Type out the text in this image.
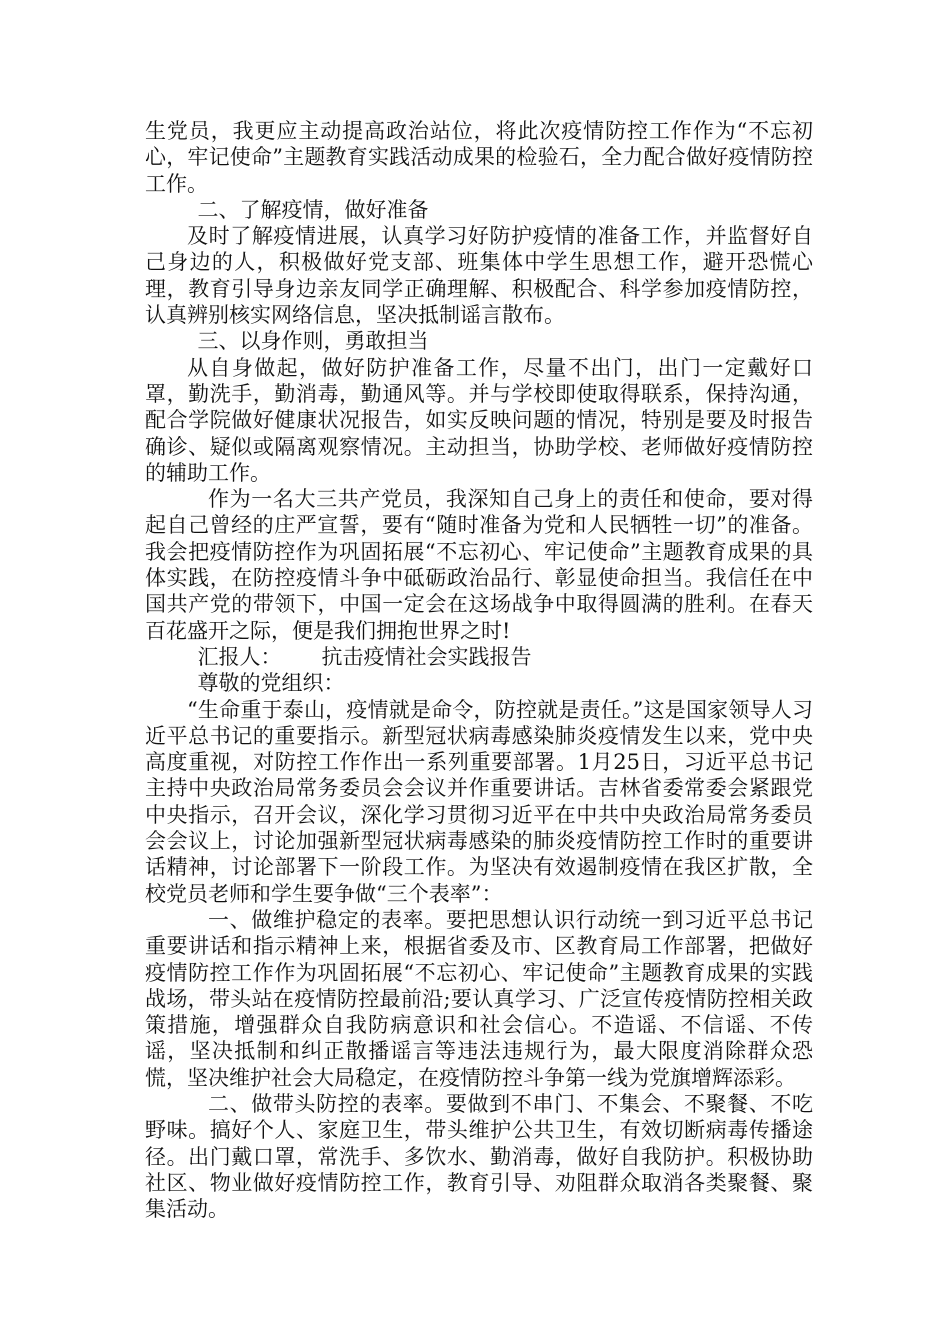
生党员，我更应主动提高政治站位，将此次疫情防控工作作为“不忘初心，牢记使命”主题教育实践活动成果的检验石，全力配合做好疫情防控工作。

二、了解疫情，做好准备

及时了解疫情进展，认真学习好防护疫情的准备工作，并监督好自己身边的人，积极做好党支部、班集体中学生思想工作，避开恐慌心理，教育引导身边亲友同学正确理解、积极配合、科学参加疫情防控，认真辨别核实网络信息，坚决抵制谣言散布。

三、以身作则，勇敢担当

从自身做起，做好防护准备工作，尽量不出门，出门一定戴好口罩，勤洗手，勤消毒，勤通风等。并与学校即使取得联系，保持沟通，配合学院做好健康状况报告，如实反映问题的情况，特别是要及时报告确诊、疑似或隔离观察情况。主动担当，协助学校、老师做好疫情防控的辅助工作。

作为一名大三共产党员，我深知自己身上的责任和使命，要对得起自己曾经的庄严宣誓，要有“随时准备为党和人民牺牲一切”的准备。我会把疫情防控作为巩固拓展“不忘初心、牢记使命”主题教育成果的具体实践，在防控疫情斗争中砥砺政治品行、彰显使命担当。我信任在中国共产党的带领下，中国一定会在这场战争中取得圆满的胜利。在春天百花盛开之际，便是我们拥抱世界之时!

汇报人：      抗击疫情社会实践报告

尊敬的党组织：

“生命重于泰山，疫情就是命令，防控就是责任。”这是国家领导人习近平总书记的重要指示。新型冠状病毒感染肺炎疫情发生以来，党中央高度重视，对防控工作作出一系列重要部署。1月25日，习近平总书记主持中央政治局常务委员会会议并作重要讲话。吉林省委常委会紧跟党中央指示，召开会议，深化学习贯彻习近平在中共中央政治局常务委员会会议上，讨论加强新型冠状病毒感染的肺炎疫情防控工作时的重要讲话精神，讨论部署下一阶段工作。为坚决有效遏制疫情在我区扩散，全校党员老师和学生要争做“三个表率”：

一、做维护稳定的表率。要把思想认识行动统一到习近平总书记重要讲话和指示精神上来，根据省委及市、区教育局工作部署，把做好疫情防控工作作为巩固拓展“不忘初心、牢记使命”主题教育成果的实践战场，带头站在疫情防控最前沿;要认真学习、广泛宣传疫情防控相关政策措施，增强群众自我防病意识和社会信心。不造谣、不信谣、不传谣，坚决抵制和纠正散播谣言等违法违规行为，最大限度消除群众恐慌，坚决维护社会大局稳定，在疫情防控斗争第一线为党旗增辉添彩。

二、做带头防控的表率。要做到不串门、不集会、不聚餐、不吃野味。搞好个人、家庭卫生，带头维护公共卫生，有效切断病毒传播途径。出门戴口罩，常洗手、多饮水、勤消毒，做好自我防护。积极协助社区、物业做好疫情防控工作，教育引导、劝阻群众取消各类聚餐、聚集活动。
